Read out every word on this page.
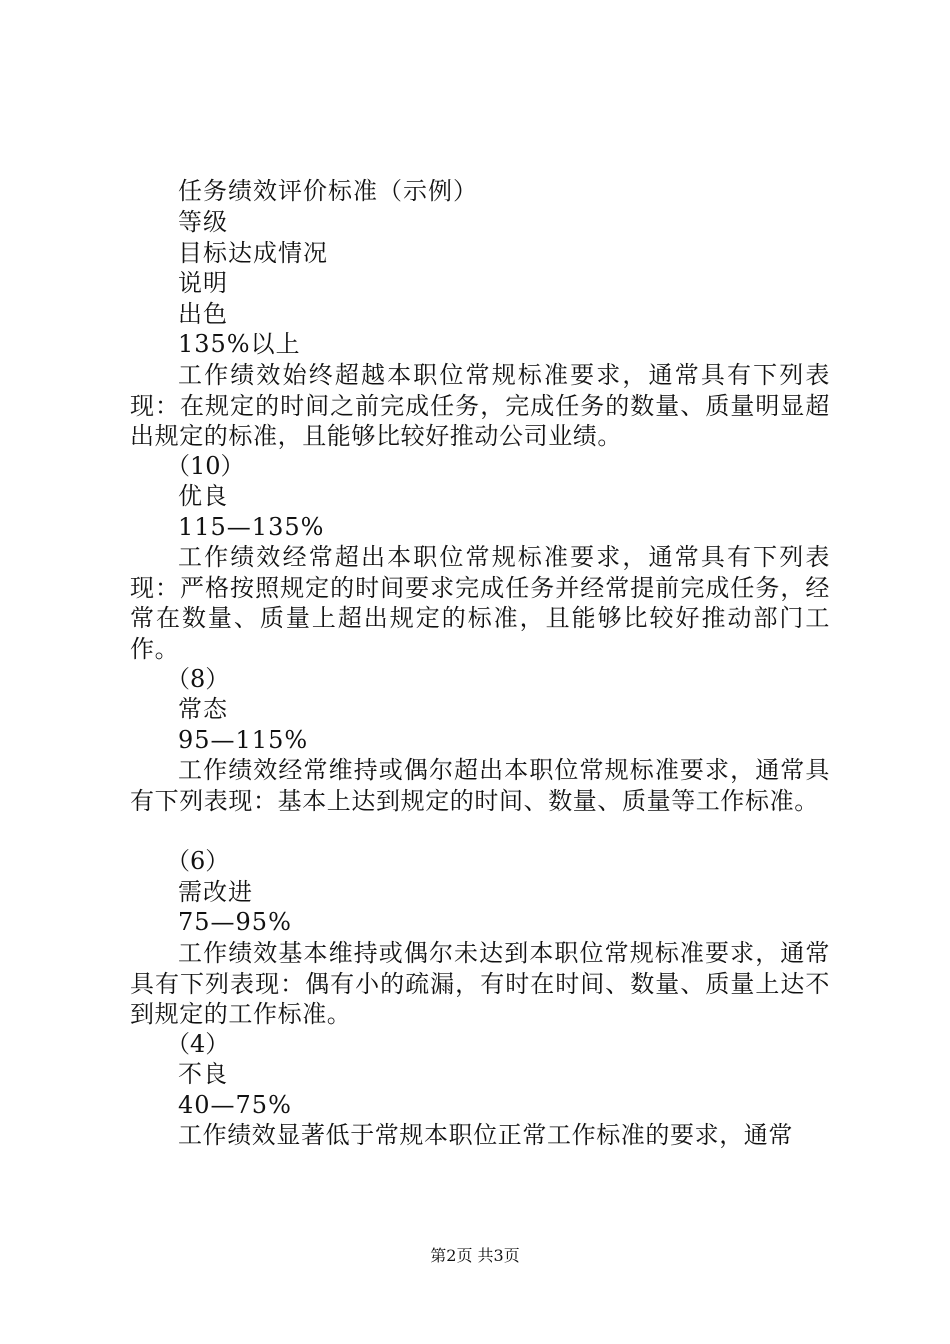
任务绩效评价标准（示例）
等级
目标达成情况
说明
出色
135%以上
工作绩效始终超越本职位常规标准要求，通常具有下列表现：在规定的时间之前完成任务，完成任务的数量、质量明显超出规定的标准，且能够比较好推动公司业绩。
（10）
优良
115—135%
工作绩效经常超出本职位常规标准要求，通常具有下列表现：严格按照规定的时间要求完成任务并经常提前完成任务，经常在数量、质量上超出规定的标准，且能够比较好推动部门工作。
（8）
常态
95—115%
工作绩效经常维持或偶尔超出本职位常规标准要求，通常具有下列表现：基本上达到规定的时间、数量、质量等工作标准。
（6）
需改进
75—95%
工作绩效基本维持或偶尔未达到本职位常规标准要求，通常具有下列表现：偶有小的疏漏，有时在时间、数量、质量上达不到规定的工作标准。
（4）
不良
40—75%
工作绩效显著低于常规本职位正常工作标准的要求，通常
第2页 共3页
